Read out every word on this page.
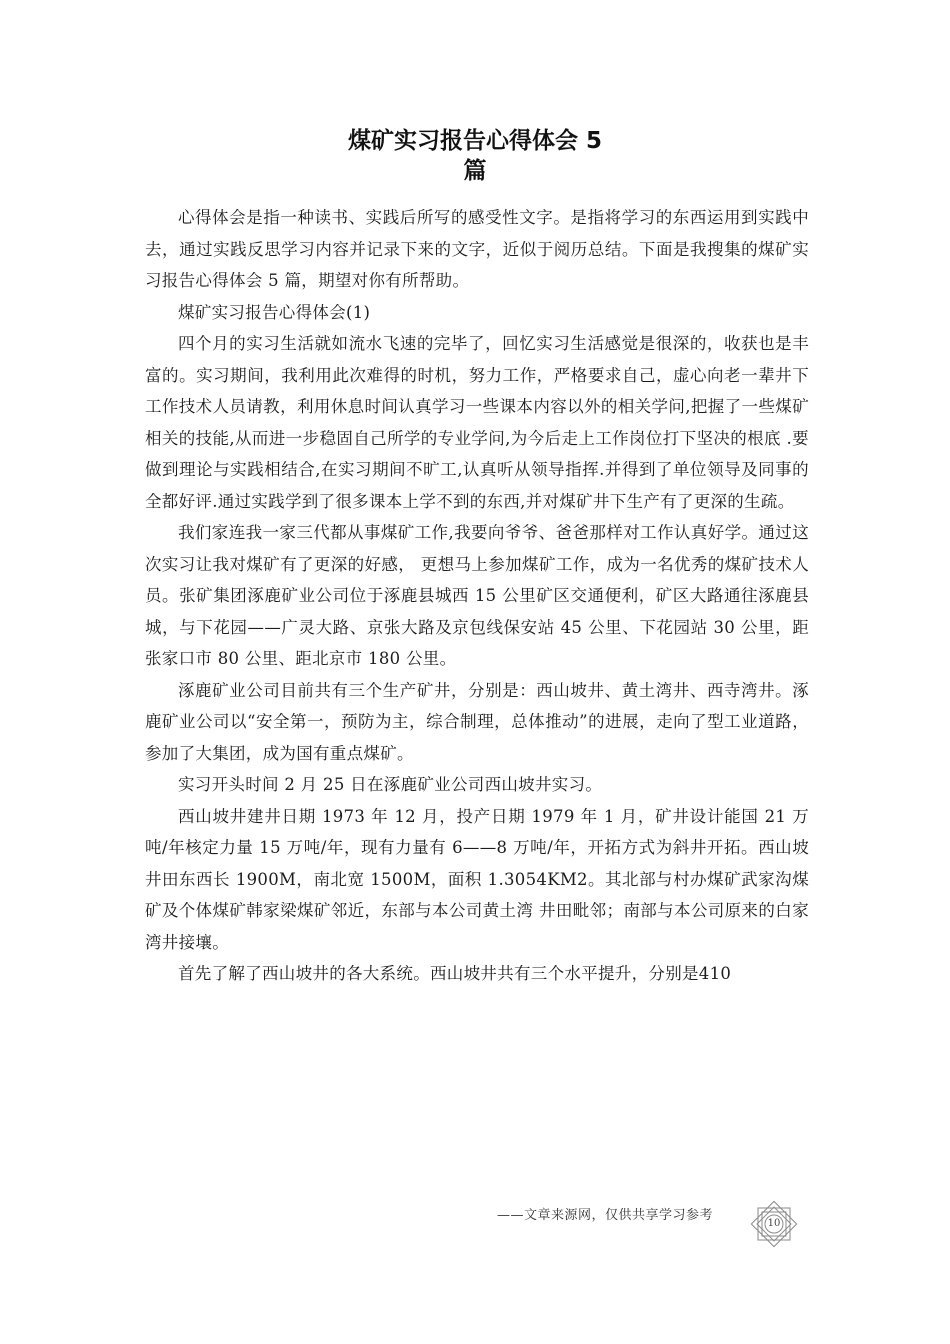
煤矿实习报告心得体会 5
篇

心得体会是指一种读书、实践后所写的感受性文字。是指将学习的东西运用到实践中去，通过实践反思学习内容并记录下来的文字，近似于阅历总结。下面是我搜集的煤矿实习报告心得体会 5 篇，期望对你有所帮助。

煤矿实习报告心得体会(1)

四个月的实习生活就如流水飞速的完毕了，回忆实习生活感觉是很深的，收获也是丰富的。实习期间，我利用此次难得的时机，努力工作，严格要求自己，虚心向老一辈井下工作技术人员请教，利用休息时间认真学习一些课本内容以外的相关学问,把握了一些煤矿相关的技能,从而进一步稳固自己所学的专业学问,为今后走上工作岗位打下坚决的根底 .要做到理论与实践相结合,在实习期间不旷工,认真听从领导指挥.并得到了单位领导及同事的全都好评.通过实践学到了很多课本上学不到的东西,并对煤矿井下生产有了更深的生疏。

我们家连我一家三代都从事煤矿工作,我要向爷爷、爸爸那样对工作认真好学。通过这次实习让我对煤矿有了更深的好感， 更想马上参加煤矿工作，成为一名优秀的煤矿技术人员。张矿集团涿鹿矿业公司位于涿鹿县城西 15 公里矿区交通便利，矿区大路通往涿鹿县城，与下花园——广灵大路、京张大路及京包线保安站 45 公里、下花园站 30 公里，距张家口市 80 公里、距北京市 180 公里。

涿鹿矿业公司目前共有三个生产矿井，分别是：西山坡井、黄土湾井、西寺湾井。涿鹿矿业公司以“安全第一，预防为主，综合制理，总体推动”的进展，走向了型工业道路，参加了大集团，成为国有重点煤矿。

实习开头时间 2 月 25 日在涿鹿矿业公司西山坡井实习。

西山坡井建井日期 1973 年 12 月，投产日期 1979 年 1 月，矿井设计能国 21 万吨/年核定力量 15 万吨/年，现有力量有 6——8 万吨/年，开拓方式为斜井开拓。西山坡井田东西长 1900M，南北宽 1500M，面积 1.3054KM2。其北部与村办煤矿武家沟煤矿及个体煤矿韩家梁煤矿邻近，东部与本公司黄土湾 井田毗邻；南部与本公司原来的白家湾井接壤。

首先了解了西山坡井的各大系统。西山坡井共有三个水平提升，分别是410

——文章来源网，仅供共享学习参考
10
